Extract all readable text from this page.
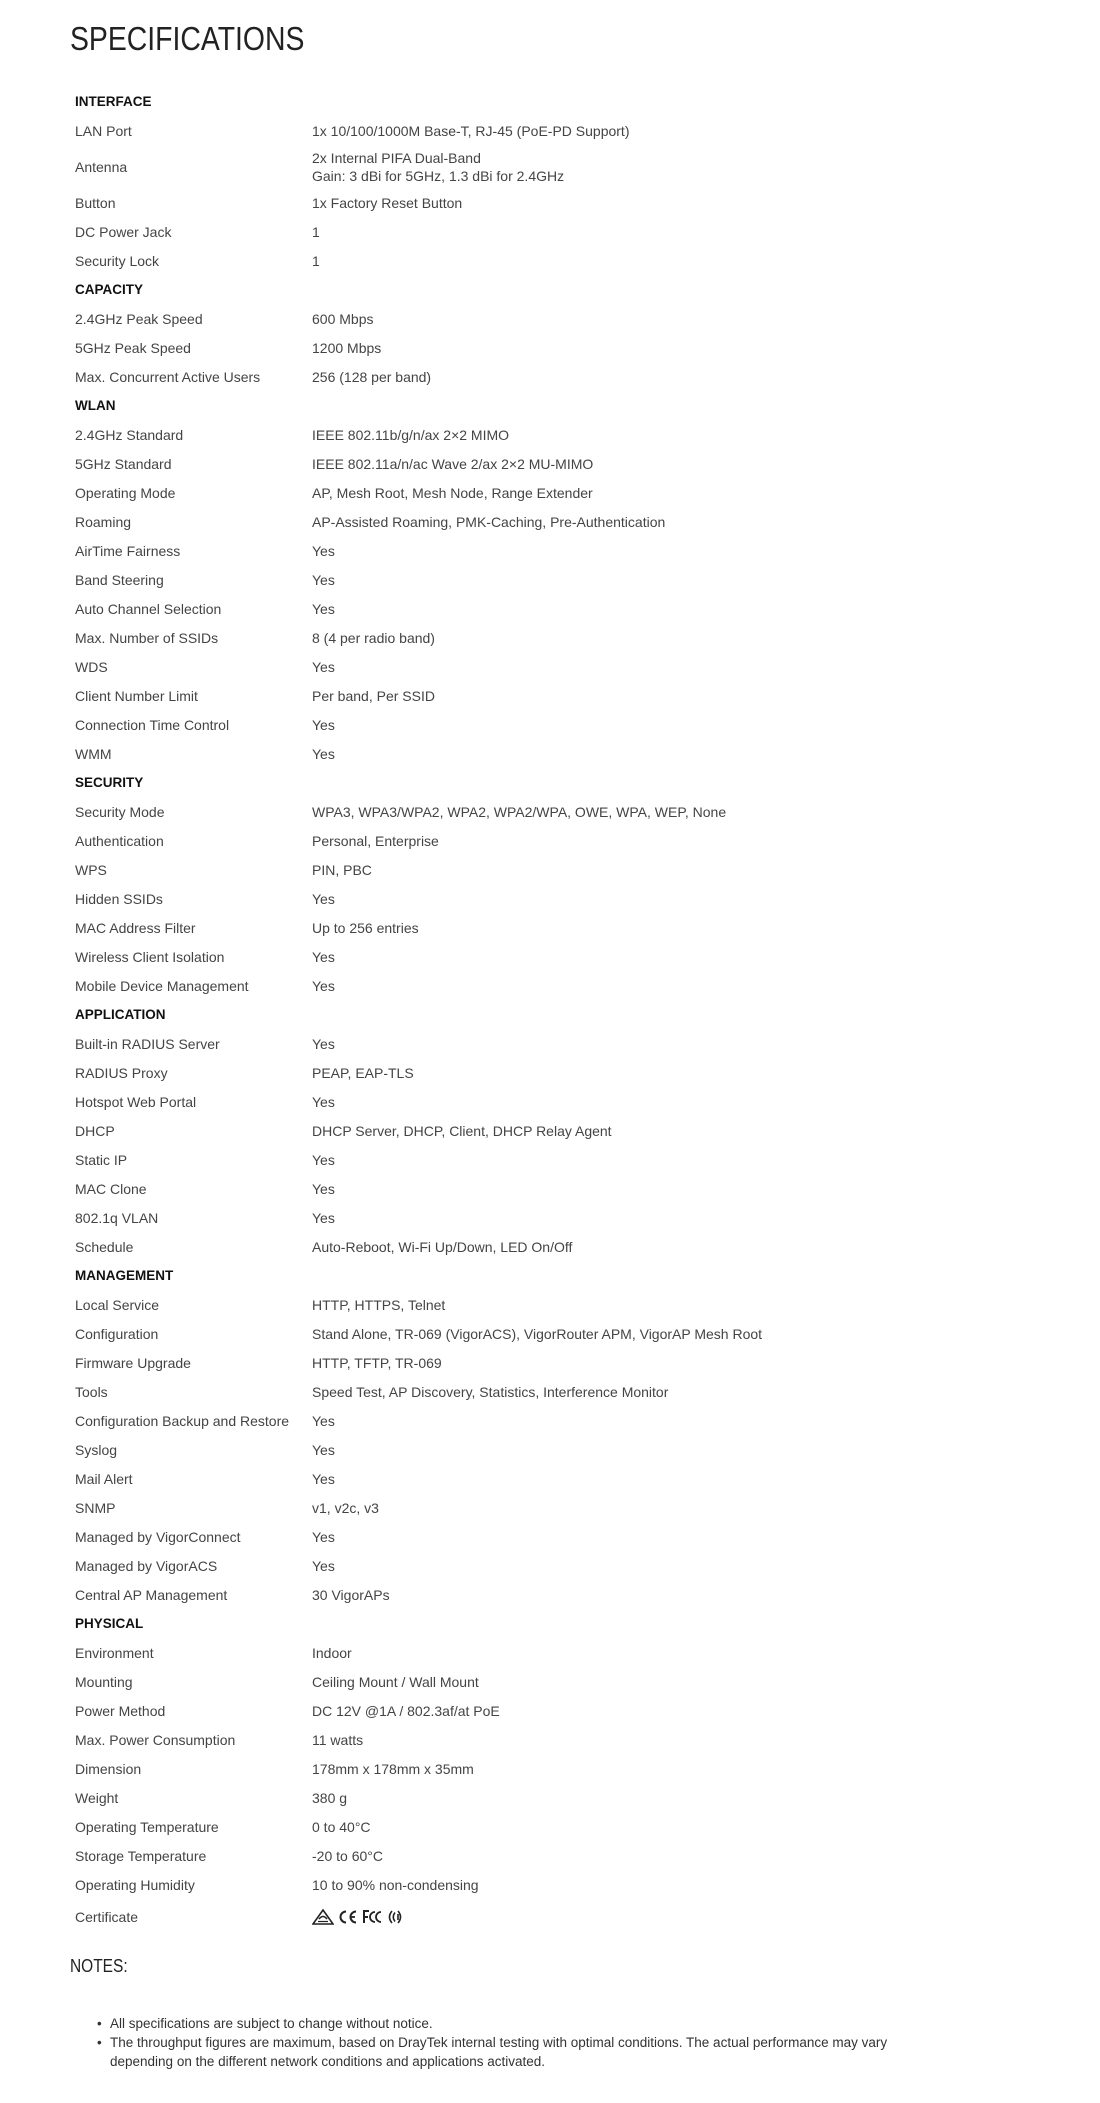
SPECIFICATIONS
INTERFACE	
LAN Port	1x 10/100/1000M Base-T, RJ-45 (PoE-PD Support)
Antenna	2x Internal PIFA Dual-Band
Gain: 3 dBi for 5GHz, 1.3 dBi for 2.4GHz

Button	1x Factory Reset Button
DC Power Jack	1
Security Lock	1
CAPACITY	
2.4GHz Peak Speed	600 Mbps
5GHz Peak Speed	1200 Mbps
Max. Concurrent Active Users	256 (128 per band)
WLAN	
2.4GHz Standard	IEEE 802.11b/g/n/ax 2×2 MIMO
5GHz Standard	IEEE 802.11a/n/ac Wave 2/ax 2×2 MU-MIMO
Operating Mode	AP, Mesh Root, Mesh Node, Range Extender
Roaming	AP-Assisted Roaming, PMK-Caching, Pre-Authentication
AirTime Fairness	Yes
Band Steering	Yes
Auto Channel Selection	Yes
Max. Number of SSIDs	8 (4 per radio band)
WDS	Yes
Client Number Limit	Per band, Per SSID
Connection Time Control	Yes
WMM	Yes
SECURITY	
Security Mode	WPA3, WPA3/WPA2, WPA2, WPA2/WPA, OWE, WPA, WEP, None
Authentication	Personal, Enterprise
WPS	PIN, PBC
Hidden SSIDs	Yes
MAC Address Filter	Up to 256 entries
Wireless Client Isolation	Yes
Mobile Device Management	Yes
APPLICATION	
Built-in RADIUS Server	Yes
RADIUS Proxy	PEAP, EAP-TLS
Hotspot Web Portal	Yes
DHCP	DHCP Server, DHCP, Client, DHCP Relay Agent
Static IP	Yes
MAC Clone	Yes
802.1q VLAN	Yes
Schedule	Auto-Reboot, Wi-Fi Up/Down, LED On/Off
MANAGEMENT	
Local Service	HTTP, HTTPS, Telnet
Configuration	Stand Alone, TR-069 (VigorACS), VigorRouter APM, VigorAP Mesh Root
Firmware Upgrade	HTTP, TFTP, TR-069
Tools	Speed Test, AP Discovery, Statistics, Interference Monitor
Configuration Backup and Restore	Yes
Syslog	Yes
Mail Alert	Yes
SNMP	v1, v2c, v3
Managed by VigorConnect	Yes
Managed by VigorACS	Yes
Central AP Management	30 VigorAPs
PHYSICAL	
Environment	Indoor
Mounting	Ceiling Mount / Wall Mount
Power Method	DC 12V @1A / 802.3af/at PoE
Max. Power Consumption	11 watts
Dimension	178mm x 178mm x 35mm
Weight	380 g
Operating Temperature	0 to 40°C
Storage Temperature	-20 to 60°C
Operating Humidity	10 to 90% non-condensing
Certificate	
NOTES:
• All specifications are subject to change without notice.
• The throughput figures are maximum, based on DrayTek internal testing with optimal conditions. The actual performance may vary depending on the different network conditions and applications activated.
